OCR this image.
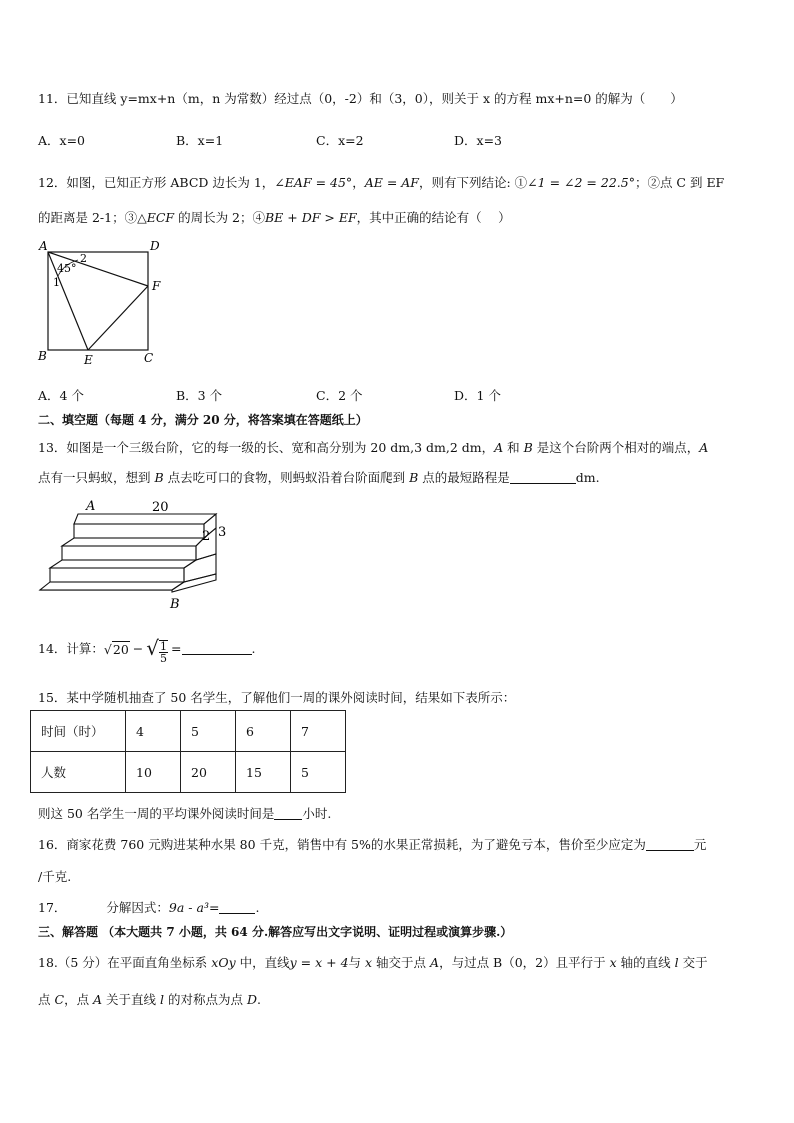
11．已知直线 y=mx+n（m，n 为常数）经过点（0，-2）和（3，0），则关于 x 的方程 mx+n=0 的解为（　　）
A．x=0	B．x=1	C．x=2	D．x=3
12．如图，已知正方形 ABCD 边长为 1，∠EAF = 45°，AE = AF，则有下列结论: ①∠1 = ∠2 = 22.5°；②点 C 到 EF
的距离是 2-1；③△ECF 的周长为 2；④BE + DF > EF，其中正确的结论有（　 ）
A	D
B	C
E
F
1
2
45°
A．4 个	B．3 个	C．2 个	D．1 个
二、填空题（每题 4 分，满分 20 分，将答案填在答题纸上）
13．如图是一个三级台阶，它的每一级的长、宽和高分别为 20 dm,3 dm,2 dm，A 和 B 是这个台阶两个相对的端点，A
点有一只蚂蚁，想到 B 点去吃可口的食物，则蚂蚁沿着台阶面爬到 B 点的最短路程是	dm.
A	20
2 3
B
14．计算：√20 − √ $\frac{1}{5}$ =	.
15．某中学随机抽查了 50 名学生，了解他们一周的课外阅读时间，结果如下表所示：
时间（时）	4	5	6	7
人数	10	20	15	5
则这 50 名学生一周的平均课外阅读时间是 小时.
16．商家花费 760 元购进某种水果 80 千克，销售中有 5%的水果正常损耗，为了避免亏本，售价至少应定为	元
/千克.
17．	分解因式：9a - a³=	.
三、解答题 （本大题共 7 小题，共 64 分.解答应写出文字说明、证明过程或演算步骤.）
18.（5 分）在平面直角坐标系 xOy 中，直线y = x + 4与 x 轴交于点 A，与过点 B（0，2）且平行于 x 轴的直线 l 交于
点 C，点 A 关于直线 l 的对称点为点 D.
